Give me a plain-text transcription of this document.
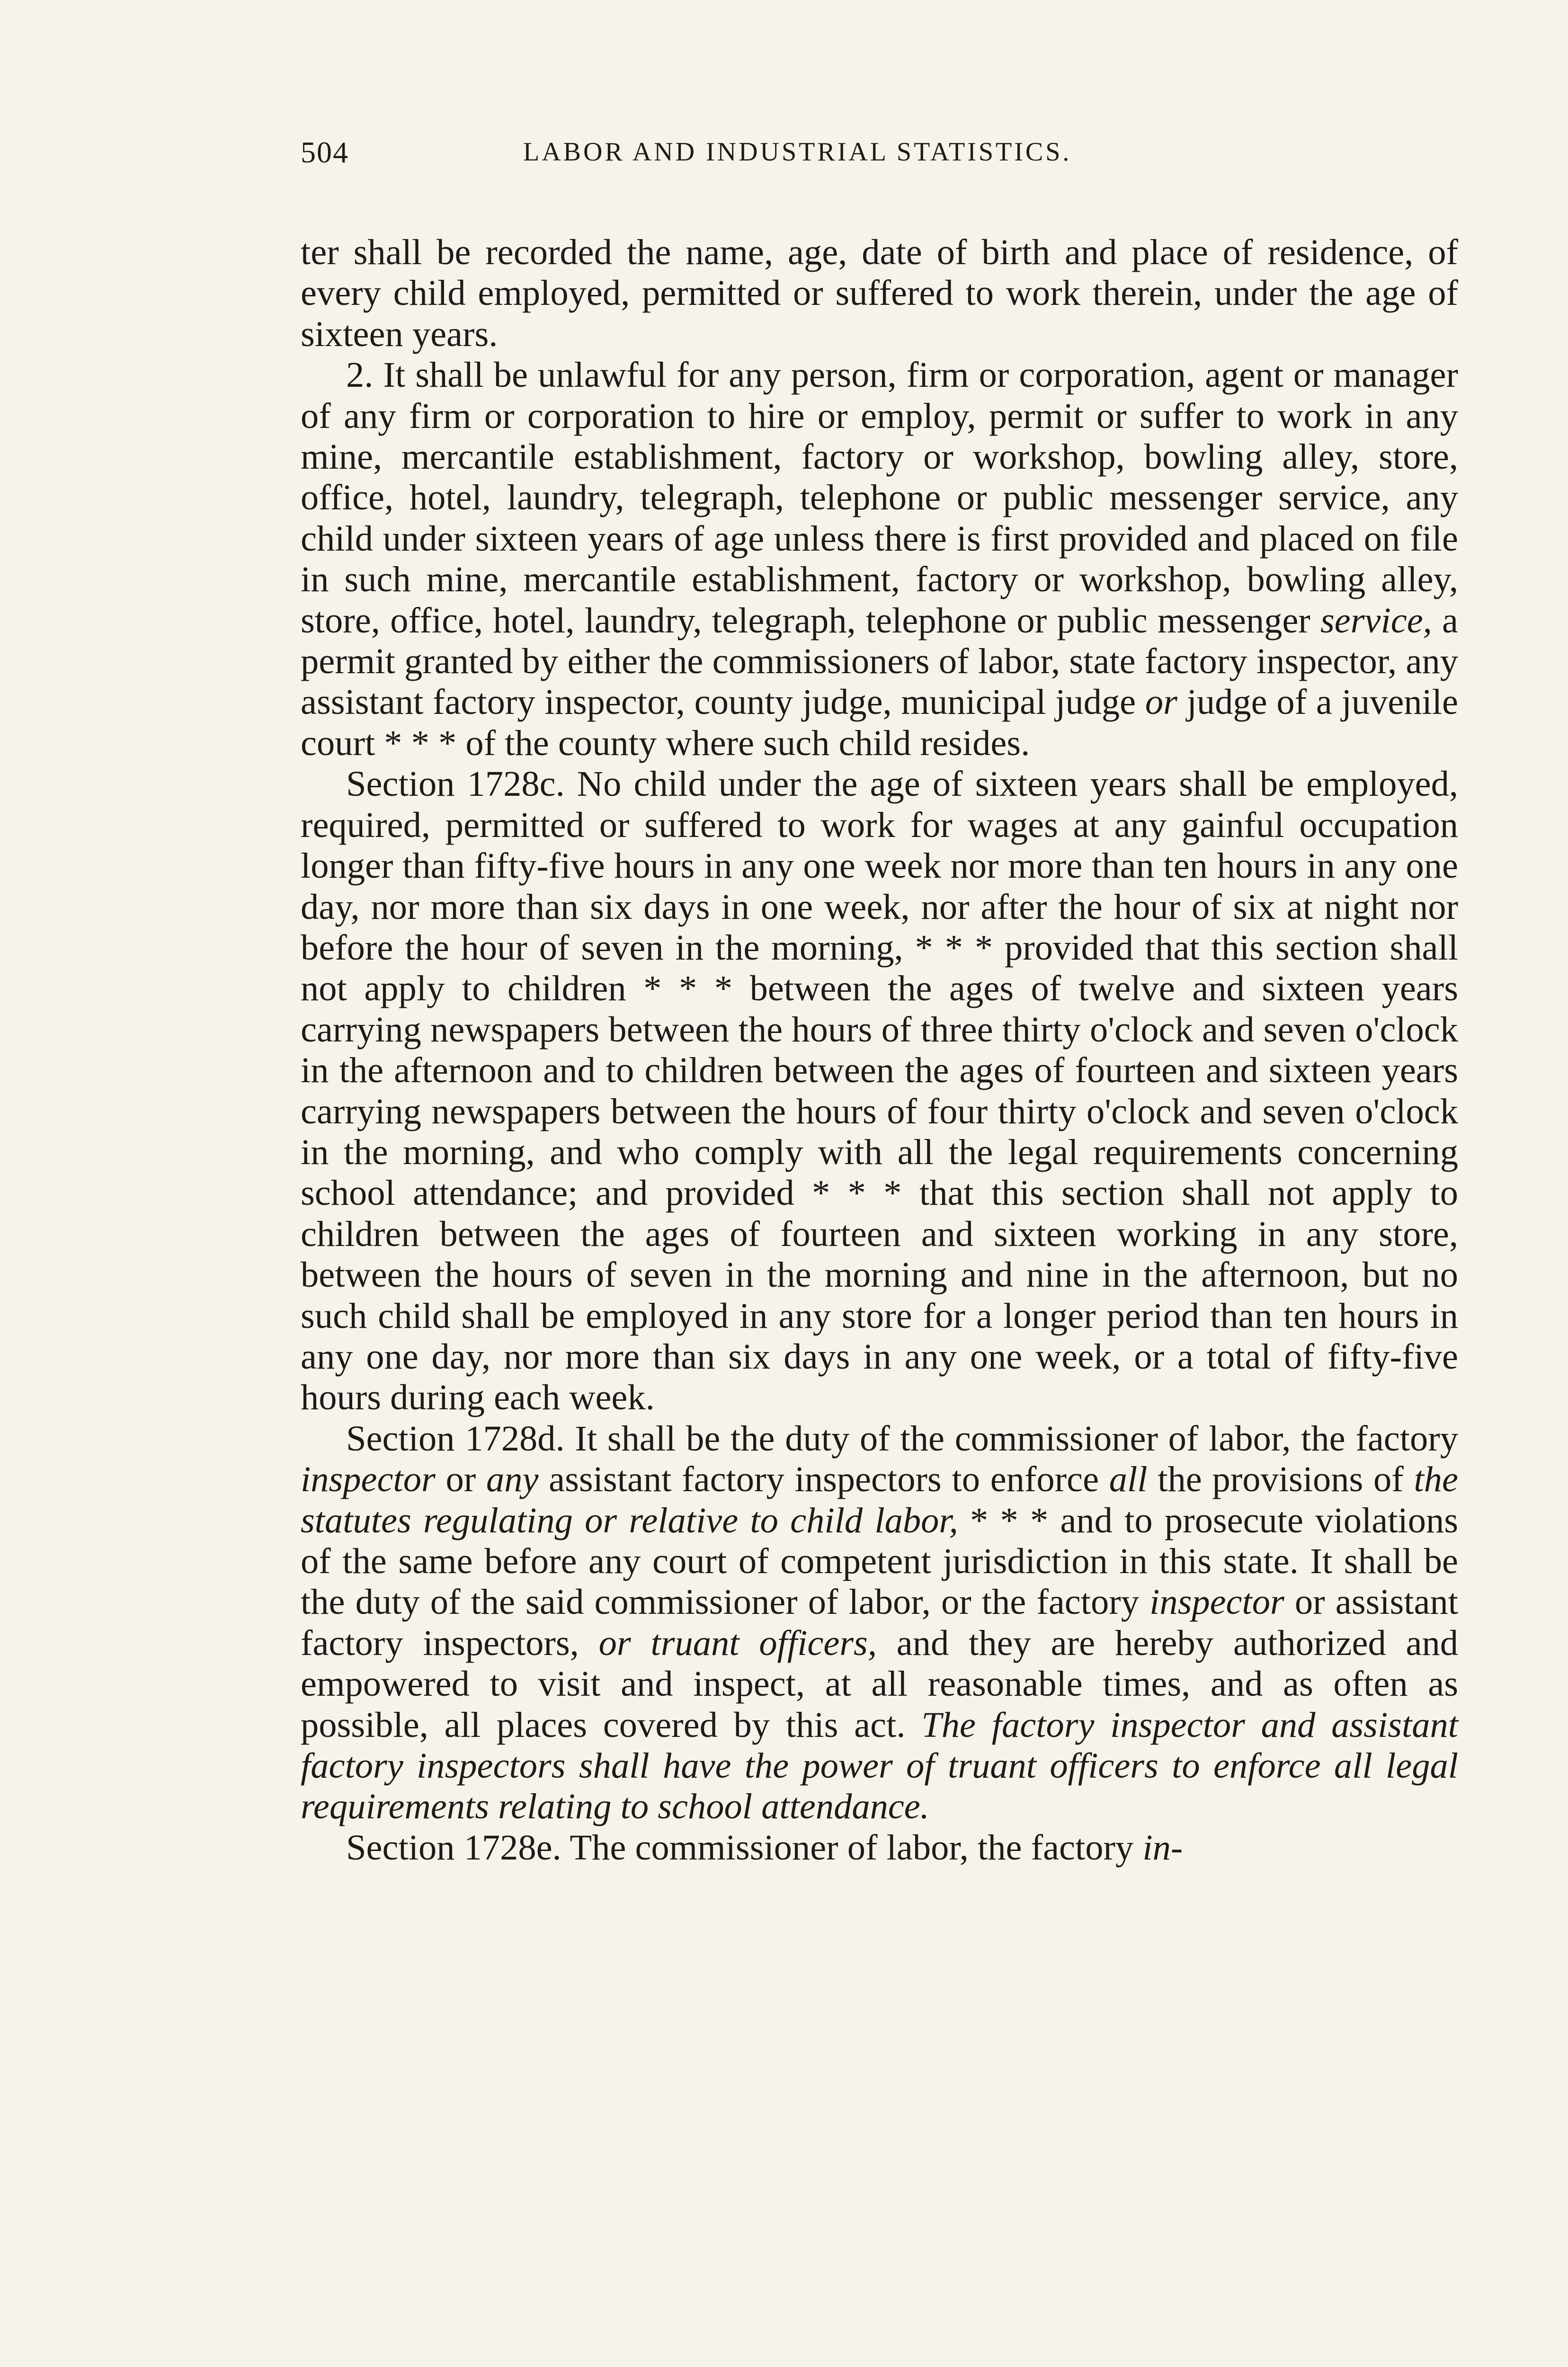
504	LABOR AND INDUSTRIAL STATISTICS.

ter shall be recorded the name, age, date of birth and place of residence, of every child employed, permitted or suffered to work therein, under the age of sixteen years.

2. It shall be unlawful for any person, firm or corporation, agent or manager of any firm or corporation to hire or employ, permit or suffer to work in any mine, mercantile establishment, factory or workshop, bowling alley, store, office, hotel, laundry, telegraph, telephone or public messenger service, any child under sixteen years of age unless there is first provided and placed on file in such mine, mercantile establishment, factory or workshop, bowling alley, store, office, hotel, laundry, telegraph, telephone or public messenger service, a permit granted by either the commissioners of labor, state factory inspector, any assistant factory inspector, county judge, municipal judge or judge of a juvenile court * * * of the county where such child resides.

Section 1728c. No child under the age of sixteen years shall be employed, required, permitted or suffered to work for wages at any gainful occupation longer than fifty-five hours in any one week nor more than ten hours in any one day, nor more than six days in one week, nor after the hour of six at night nor before the hour of seven in the morning, * * * provided that this section shall not apply to children * * * between the ages of twelve and sixteen years carrying newspapers between the hours of three thirty o'clock and seven o'clock in the afternoon and to children between the ages of fourteen and sixteen years carrying newspapers between the hours of four thirty o'clock and seven o'clock in the morning, and who comply with all the legal requirements concerning school attendance; and provided * * * that this section shall not apply to children between the ages of fourteen and sixteen working in any store, between the hours of seven in the morning and nine in the afternoon, but no such child shall be employed in any store for a longer period than ten hours in any one day, nor more than six days in any one week, or a total of fifty-five hours during each week.

Section 1728d. It shall be the duty of the commissioner of labor, the factory inspector or any assistant factory inspectors to enforce all the provisions of the statutes regulating or relative to child labor, * * * and to prosecute violations of the same before any court of competent jurisdiction in this state. It shall be the duty of the said commissioner of labor, or the factory inspector or assistant factory inspectors, or truant officers, and they are hereby authorized and empowered to visit and inspect, at all reasonable times, and as often as possible, all places covered by this act. The factory inspector and assistant factory inspectors shall have the power of truant officers to enforce all legal requirements relating to school attendance.

Section 1728e. The commissioner of labor, the factory in-
